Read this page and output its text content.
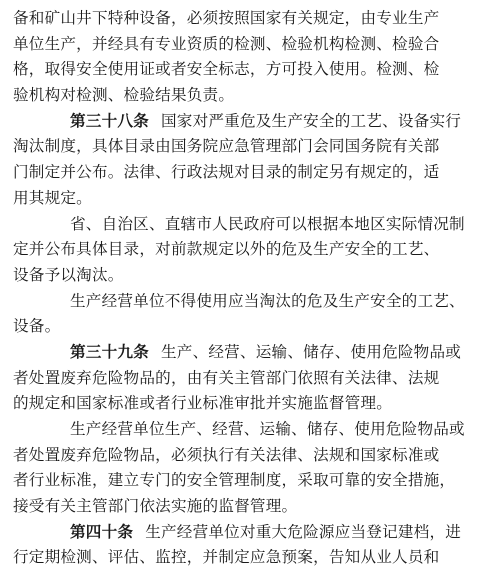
备和矿山井下特种设备，必须按照国家有关规定，由专业生产
单位生产，并经具有专业资质的检测、检验机构检测、检验合
格，取得安全使用证或者安全标志，方可投入使用。检测、检
验机构对检测、检验结果负责。
第三十八条 国家对严重危及生产安全的工艺、设备实行
淘汰制度，具体目录由国务院应急管理部门会同国务院有关部
门制定并公布。法律、行政法规对目录的制定另有规定的，适
用其规定。
省、自治区、直辖市人民政府可以根据本地区实际情况制
定并公布具体目录，对前款规定以外的危及生产安全的工艺、
设备予以淘汰。
生产经营单位不得使用应当淘汰的危及生产安全的工艺、
设备。
第三十九条 生产、经营、运输、储存、使用危险物品或
者处置废弃危险物品的，由有关主管部门依照有关法律、法规
的规定和国家标准或者行业标准审批并实施监督管理。
生产经营单位生产、经营、运输、储存、使用危险物品或
者处置废弃危险物品，必须执行有关法律、法规和国家标准或
者行业标准，建立专门的安全管理制度，采取可靠的安全措施，
接受有关主管部门依法实施的监督管理。
第四十条 生产经营单位对重大危险源应当登记建档，进
行定期检测、评估、监控，并制定应急预案，告知从业人员和
